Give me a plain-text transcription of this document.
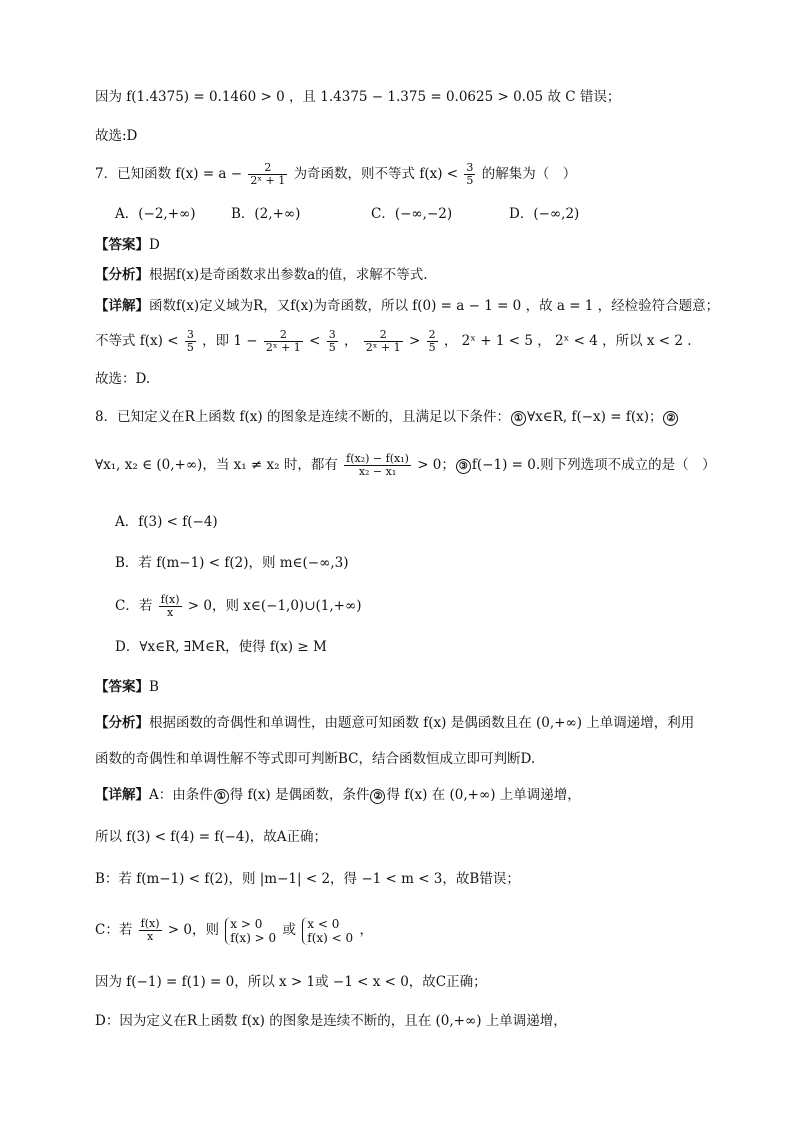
因为 f(1.4375) = 0.1460 > 0 ，且 1.4375 − 1.375 = 0.0625 > 0.05 故 C 错误；
故选:D
7．已知函数 $f(x) = a - \frac{2}{\text{2ˣ + 1}}$ 为奇函数，则不等式 $f(x) < \frac{3}{5}$ 的解集为（　）
A．(−2,+∞)	B．(2,+∞)	C．(−∞,−2)	D．(−∞,2)
【答案】D
【分析】根据f(x)是奇函数求出参数a的值，求解不等式.
【详解】函数f(x)定义域为R，又f(x)为奇函数，所以 f(0) = a − 1 = 0 ，故 a = 1 ，经检验符合题意；
不等式 $f(x) < \frac{3}{5}$ ，即 $1 - \frac{2}{\text{2ˣ + 1}} < \frac{3}{5}$ ， $\frac{2}{\text{2ˣ + 1}} > \frac{2}{5}$ ， 2ˣ + 1 < 5 ， 2ˣ < 4 ，所以 x < 2 .
故选：D.
8．已知定义在R上函数 f(x) 的图象是连续不断的，且满足以下条件： ① ∀x∈R, f(−x) = f(x)； ②
∀x₁, x₂ ∈ (0,+∞)，当 x₁ ≠ x₂ 时，都有 $\frac{\text{f(x₂) − f(x₁)}}{\text{x₂ − x₁}} > 0$； ③ f(−1) = 0.则下列选项不成立的是（　）
A．f(3) < f(−4)
B．若 f(m−1) < f(2)，则 m∈(−∞,3)
C．若 $\frac{f(x)}{x} > 0$，则 x∈(−1,0)∪(1,+∞)
D．∀x∈R, ∃M∈R，使得 f(x) ≥ M
【答案】B
【分析】根据函数的奇偶性和单调性，由题意可知函数 f(x) 是偶函数且在 (0,+∞) 上单调递增，利用
函数的奇偶性和单调性解不等式即可判断BC，结合函数恒成立即可判断D.
【详解】A：由条件 ① 得 f(x) 是偶函数，条件 ② 得 f(x) 在 (0,+∞) 上单调递增，
所以 f(3) < f(4) = f(−4)，故A正确；
B：若 f(m−1) < f(2)，则 |m−1| < 2，得 −1 < m < 3，故B错误；
C：若 $\frac{f(x)}{x} > 0$，则 x > 0
f(x) > 0 或 x < 0
f(x) < 0 ，
因为 f(−1) = f(1) = 0，所以 x > 1或 −1 < x < 0，故C正确；
D：因为定义在R上函数 f(x) 的图象是连续不断的，且在 (0,+∞) 上单调递增，
